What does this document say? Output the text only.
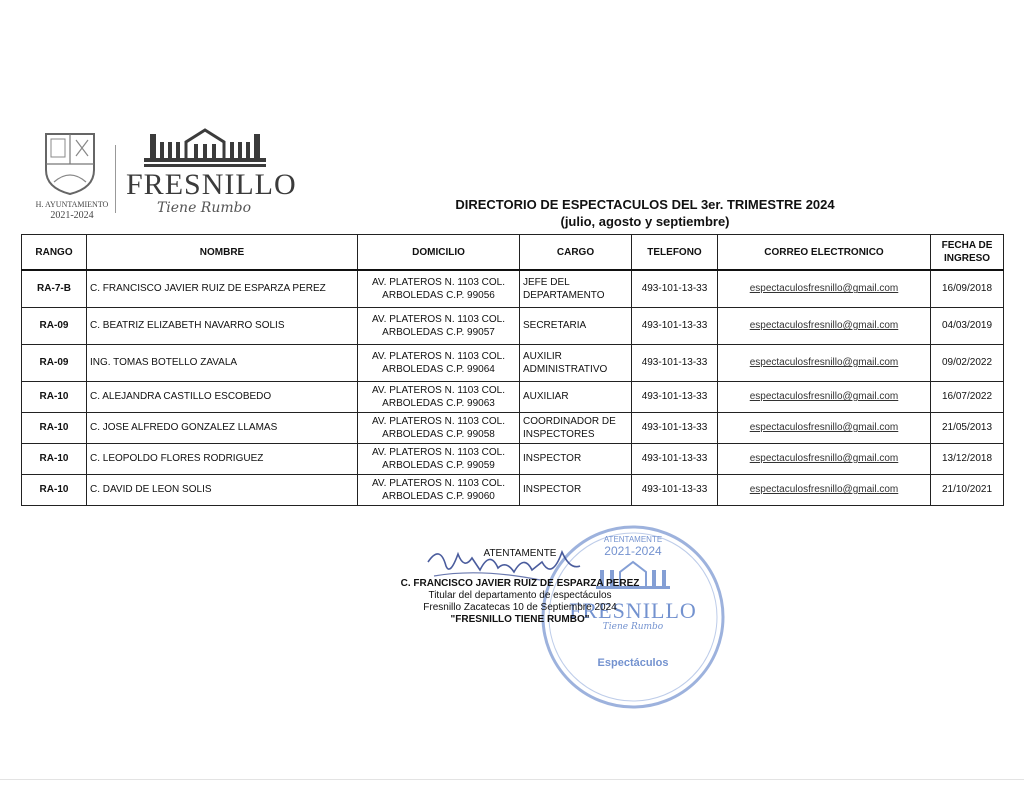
H. AYUNTAMIENTO
2021-2024
FRESNILLO
Tiene Rumbo	DIRECTORIO DE ESPECTACULOS DEL 3er. TRIMESTRE 2024
(julio, agosto y septiembre)
RANGO	NOMBRE	DOMICILIO	CARGO	TELEFONO	CORREO ELECTRONICO	FECHA DE
INGRESO
RA-7-B	C. FRANCISCO JAVIER RUIZ DE ESPARZA PEREZ	AV. PLATEROS N. 1103 COL.
ARBOLEDAS C.P. 99056	JEFE DEL
DEPARTAMENTO	493-101-13-33	espectaculosfresnillo@gmail.com	16/09/2018
RA-09	C. BEATRIZ ELIZABETH NAVARRO SOLIS	AV. PLATEROS N. 1103 COL.
ARBOLEDAS C.P. 99057	SECRETARIA	493-101-13-33	espectaculosfresnillo@gmail.com	04/03/2019
RA-09	ING. TOMAS BOTELLO ZAVALA	AV. PLATEROS N. 1103 COL.
ARBOLEDAS C.P. 99064	AUXILIR
ADMINISTRATIVO	493-101-13-33	espectaculosfresnillo@gmail.com	09/02/2022
RA-10	C. ALEJANDRA CASTILLO ESCOBEDO	AV. PLATEROS N. 1103 COL.
ARBOLEDAS C.P. 99063	AUXILIAR	493-101-13-33	espectaculosfresnillo@gmail.com	16/07/2022
RA-10	C. JOSE ALFREDO GONZALEZ LLAMAS	AV. PLATEROS N. 1103 COL.
ARBOLEDAS C.P. 99058	COORDINADOR DE
INSPECTORES	493-101-13-33	espectaculosfresnillo@gmail.com	21/05/2013
RA-10	C. LEOPOLDO FLORES RODRIGUEZ	AV. PLATEROS N. 1103 COL.
ARBOLEDAS C.P. 99059	INSPECTOR	493-101-13-33	espectaculosfresnillo@gmail.com	13/12/2018
RA-10	C. DAVID DE LEON SOLIS	AV. PLATEROS N. 1103 COL.
ARBOLEDAS C.P. 99060	INSPECTOR	493-101-13-33	espectaculosfresnillo@gmail.com	21/10/2021
ATENTAMENTE
2021-2024
FRESNILLO
Tiene Rumbo
Espectáculos
ATENTAMENTE
C. FRANCISCO JAVIER RUIZ DE ESPARZA PEREZ
Titular del departamento de espectáculos
Fresnillo Zacatecas 10 de Septiembre 2024
"FRESNILLO TIENE RUMBO"
